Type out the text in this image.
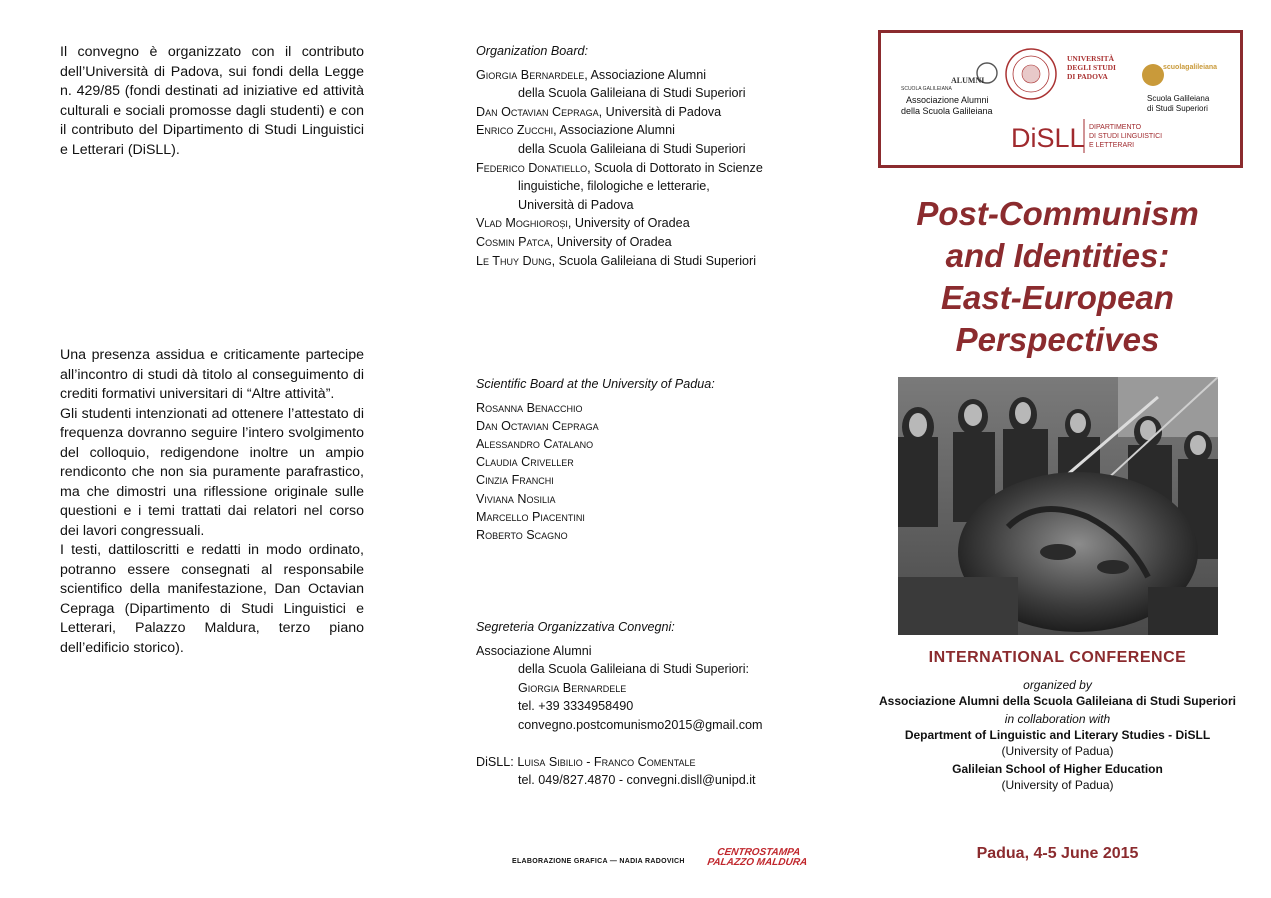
Il convegno è organizzato con il contributo dell’Università di Padova, sui fondi della Legge n. 429/85 (fondi destinati ad iniziative ed attività culturali e sociali promosse dagli studenti) e con il contributo del Dipartimento di Studi Linguistici e Letterari (DiSLL).

Una presenza assidua e criticamente partecipe all’incontro di studi dà titolo al conseguimento di crediti formativi universitari di “Altre attività”.

Gli studenti intenzionati ad ottenere l’attestato di frequenza dovranno seguire l’intero svolgimento del colloquio, redigendone inoltre un ampio rendiconto che non sia puramente parafrastico, ma che dimostri una riflessione originale sulle questioni e i temi trattati dai relatori nel corso dei lavori congressuali.

I testi, dattiloscritti e redatti in modo ordinato, potranno essere consegnati al responsabile scientifico della manifestazione, Dan Octavian Cepraga (Dipartimento di Studi Linguistici e Letterari, Palazzo Maldura, terzo piano dell’edificio storico).

Organization Board:
Giorgia Bernardele, Associazione Alumni
della Scuola Galileiana di Studi Superiori
Dan Octavian Cepraga, Università di Padova
Enrico Zucchi, Associazione Alumni
della Scuola Galileiana di Studi Superiori
Federico Donatiello, Scuola di Dottorato in Scienze
linguistiche, filologiche e letterarie,
Università di Padova
Vlad Moghioroși, University of Oradea
Cosmin Patca, University of Oradea
Le Thuy Dung, Scuola Galileiana di Studi Superiori
Scientific Board at the University of Padua:
Rosanna Benacchio
Dan Octavian Cepraga
Alessandro Catalano
Claudia Criveller
Cinzia Franchi
Viviana Nosilia
Marcello Piacentini
Roberto Scagno
Segreteria Organizzativa Convegni:
Associazione Alumni
della Scuola Galileiana di Studi Superiori:
Giorgia Bernardele
tel. +39 3334958490
convegno.postcomunismo2015@gmail.com
DiSLL: Luisa Sibilio - Franco Comentale
tel. 049/827.4870 - convegni.disll@unipd.it
ELABORAZIONE GRAFICA — NADIA RADOVICH
CENTROSTAMPA
PALAZZO MALDURA
ALUMNI
SCUOLA GALILEIANA
Associazione Alumni
della Scuola Galileiana
UNIVERSITÀ
DEGLI STUDI
DI PADOVA
scuolagalileiana
Scuola Galileiana
di Studi Superiori
DiSLL DIPARTIMENTO
DI STUDI LINGUISTICI
E LETTERARI
Post-Communism
and Identities:
East-European
Perspectives
INTERNATIONAL CONFERENCE
organized by
Associazione Alumni della Scuola Galileiana di Studi Superiori
in collaboration with
Department of Linguistic and Literary Studies - DiSLL
(University of Padua)
Galileian School of Higher Education
(University of Padua)
Padua, 4-5 June 2015
